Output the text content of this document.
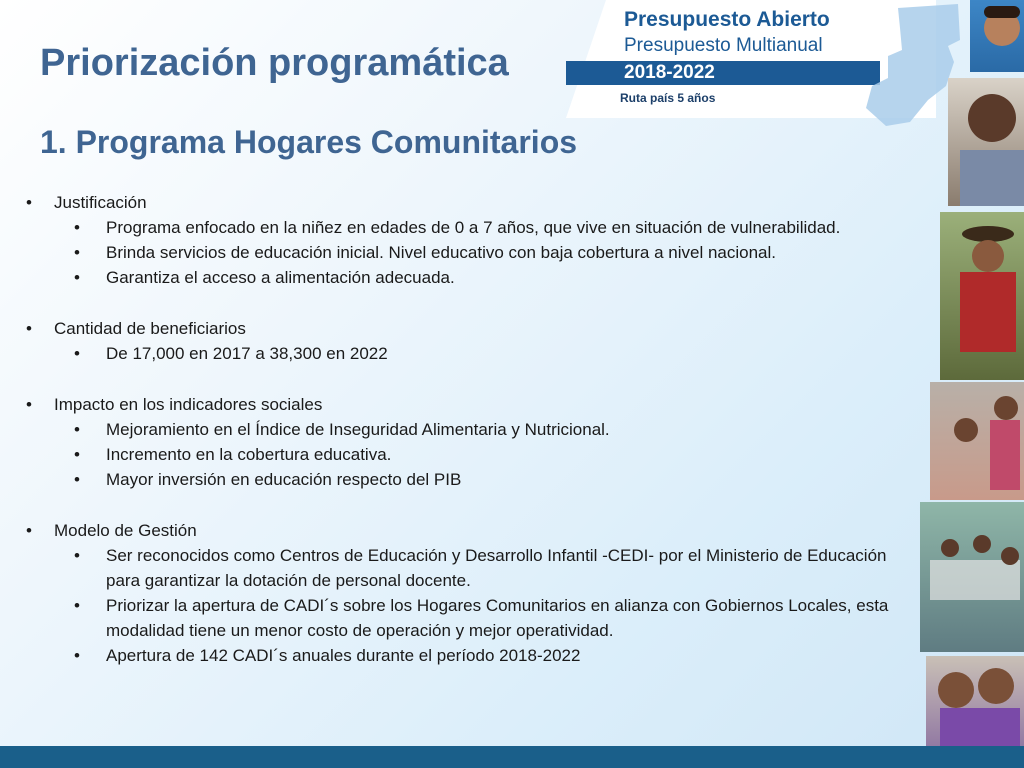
Presupuesto Abierto
Presupuesto Multianual
2018-2022
Ruta país 5 años
Priorización programática
1. Programa Hogares Comunitarios
• Justificación
• Programa enfocado en la niñez en edades de 0 a 7 años, que vive en situación de vulnerabilidad.
• Brinda servicios de educación inicial. Nivel educativo con baja cobertura a nivel nacional.
• Garantiza el acceso a alimentación adecuada.
• Cantidad de beneficiarios
• De 17,000 en 2017 a 38,300 en 2022
• Impacto en los indicadores sociales
• Mejoramiento en el Índice de Inseguridad Alimentaria y Nutricional.
• Incremento en la cobertura educativa.
• Mayor inversión en educación respecto del PIB
• Modelo de Gestión
• Ser reconocidos como Centros de Educación y Desarrollo Infantil -CEDI- por el Ministerio de Educación para garantizar la dotación de personal docente.
• Priorizar la apertura de CADI´s sobre los Hogares Comunitarios en alianza con Gobiernos Locales, esta modalidad tiene un menor costo de operación y mejor operatividad.
• Apertura de 142 CADI´s anuales durante el período 2018-2022
